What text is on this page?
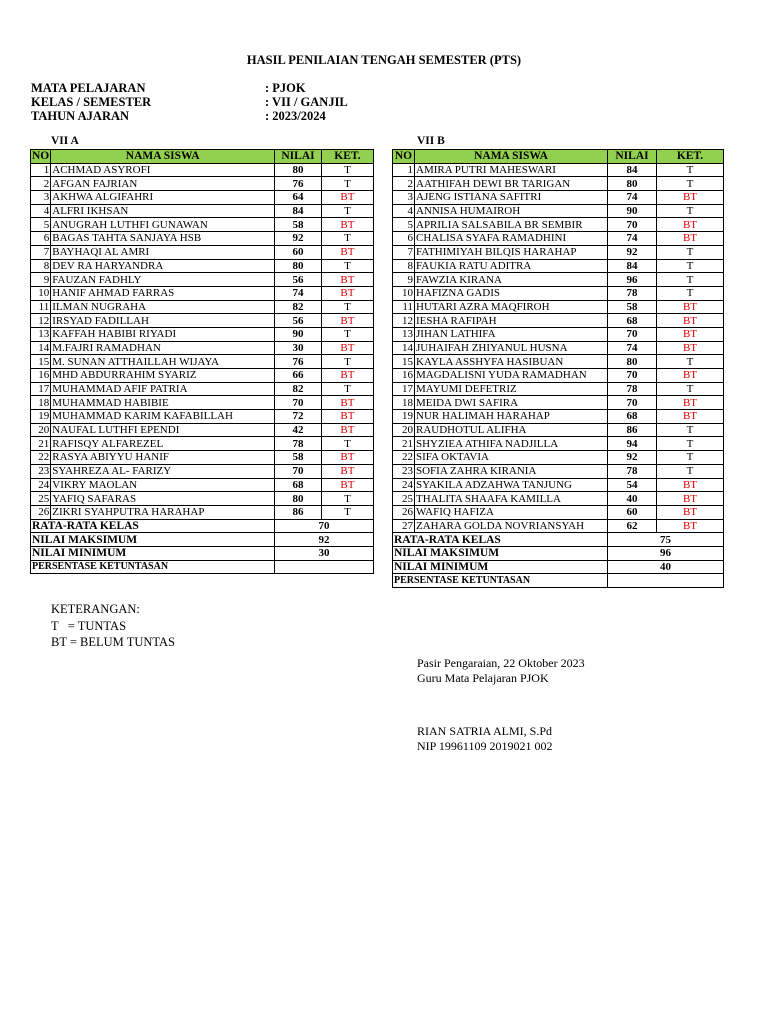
HASIL PENILAIAN TENGAH SEMESTER (PTS)
MATA PELAJARAN	: PJOK
KELAS / SEMESTER	: VII / GANJIL
TAHUN AJARAN	: 2023/2024
VII A	VII B
NO	NAMA SISWA	NILAI	KET.
1	ACHMAD ASYROFI	80	T
2	AFGAN FAJRIAN	76	T
3	AKHWA ALGIFAHRI	64	BT
4	ALFRI IKHSAN	84	T
5	ANUGRAH LUTHFI GUNAWAN	58	BT
6	BAGAS TAHTA SANJAYA HSB	92	T
7	BAYHAQI AL AMRI	60	BT
8	DEV RA HARYANDRA	80	T
9	FAUZAN FADHLY	56	BT
10	HANIF AHMAD FARRAS	74	BT
11	ILMAN NUGRAHA	82	T
12	IRSYAD FADILLAH	56	BT
13	KAFFAH HABIBI RIYADI	90	T
14	M.FAJRI RAMADHAN	30	BT
15	M. SUNAN ATTHAILLAH WIJAYA	76	T
16	MHD ABDURRAHIM SYARIZ	66	BT
17	MUHAMMAD AFIF PATRIA	82	T
18	MUHAMMAD HABIBIE	70	BT
19	MUHAMMAD KARIM KAFABILLAH	72	BT
20	NAUFAL LUTHFI EPENDI	42	BT
21	RAFISQY ALFAREZEL	78	T
22	RASYA ABIYYU HANIF	58	BT
23	SYAHREZA AL- FARIZY	70	BT
24	VIKRY MAOLAN	68	BT
25	YAFIQ SAFARAS	80	T
26	ZIKRI SYAHPUTRA HARAHAP	86	T
RATA-RATA KELAS		70	
NILAI MAKSIMUM		92	
NILAI MINIMUM		30	
PERSENTASE KETUNTASAN			
NO	NAMA SISWA	NILAI	KET.
1	AMIRA PUTRI MAHESWARI	84	T
2	AATHIFAH DEWI BR TARIGAN	80	T
3	AJENG ISTIANA SAFITRI	74	BT
4	ANNISA HUMAIROH	90	T
5	APRILIA SALSABILA BR SEMBIR	70	BT
6	CHALISA SYAFA RAMADHINI	74	BT
7	FATHIMIYAH BILQIS HARAHAP	92	T
8	FAUKIA RATU ADITRA	84	T
9	FAWZIA KIRANA	96	T
10	HAFIZNA GADIS	78	T
11	HUTARI AZRA MAQFIROH	58	BT
12	IESHA RAFIPAH	68	BT
13	JIHAN LATHIFA	70	BT
14	JUHAIFAH ZHIYANUL HUSNA	74	BT
15	KAYLA ASSHYFA HASIBUAN	80	T
16	MAGDALISNI YUDA RAMADHAN	70	BT
17	MAYUMI DEFETRIZ	78	T
18	MEIDA DWI SAFIRA	70	BT
19	NUR HALIMAH HARAHAP	68	BT
20	RAUDHOTUL ALIFHA	86	T
21	SHYZIEA ATHIFA NADJILLA	94	T
22	SIFA OKTAVIA	92	T
23	SOFIA ZAHRA KIRANIA	78	T
24	SYAKILA ADZAHWA TANJUNG	54	BT
25	THALITA SHAAFA KAMILLA	40	BT
26	WAFIQ HAFIZA	60	BT
27	ZAHARA GOLDA NOVRIANSYAH	62	BT
RATA-RATA KELAS		75	
NILAI MAKSIMUM		96	
NILAI MINIMUM		40	
PERSENTASE KETUNTASAN			
KETERANGAN:
T   = TUNTAS
BT = BELUM TUNTAS
Pasir Pengaraian, 22 Oktober 2023
Guru Mata Pelajaran PJOK
RIAN SATRIA ALMI, S.Pd
NIP 19961109 2019021 002
